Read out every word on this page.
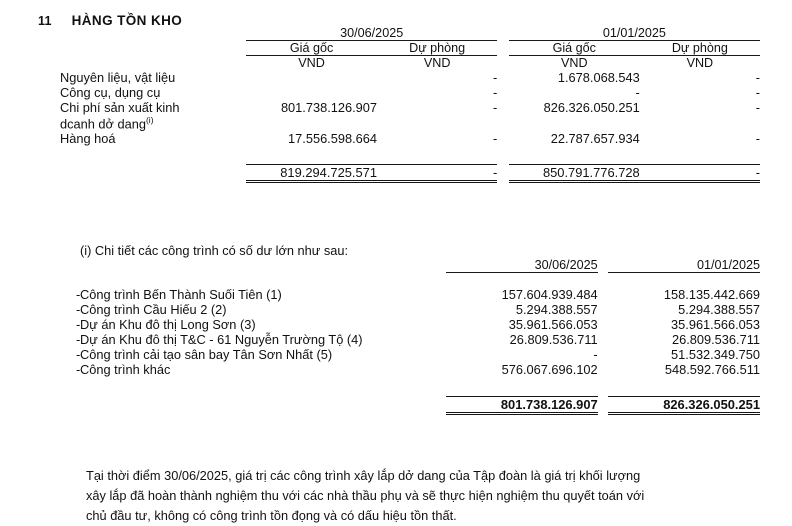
11 HÀNG TỒN KHO
	30/06/2025			01/01/2025	
	Giá gốc	Dự phòng		Giá gốc	Dự phòng
	VND	VND		VND	VND
Nguyên liệu, vật liệu		-		1.678.068.543	-
Công cụ, dụng cụ		-		-	-
Chi phí sản xuất kinh	801.738.126.907	-		826.326.050.251	-
dcanh dở dang$^{(i)}$					
Hàng hoá	17.556.598.664	-		22.787.657.934	-

	819.294.725.571	-		850.791.776.728	-
(i) Chi tiết các công trình có số dư lớn như sau:
	30/06/2025		01/01/2025

-Công trình Bến Thành Suối Tiên (1)	157.604.939.484		158.135.442.669
-Công trình Cầu Hiếu 2 (2)	5.294.388.557		5.294.388.557
-Dự án Khu đô thị Long Sơn (3)	35.961.566.053		35.961.566.053
-Dự án Khu đô thị T&C - 61 Nguyễn Trường Tộ (4)	26.809.536.711		26.809.536.711
-Công trình cải tạo sân bay Tân Sơn Nhất (5)	-		51.532.349.750
-Công trình khác	576.067.696.102		548.592.766.511

	801.738.126.907		826.326.050.251
Tại thời điểm 30/06/2025, giá trị các công trình xây lắp dở dang của Tập đoàn là giá trị khối lượng
xây lắp đã hoàn thành nghiệm thu với các nhà thầu phụ và sẽ thực hiện nghiệm thu quyết toán với
chủ đầu tư, không có công trình tồn đọng và có dấu hiệu tồn thất.
